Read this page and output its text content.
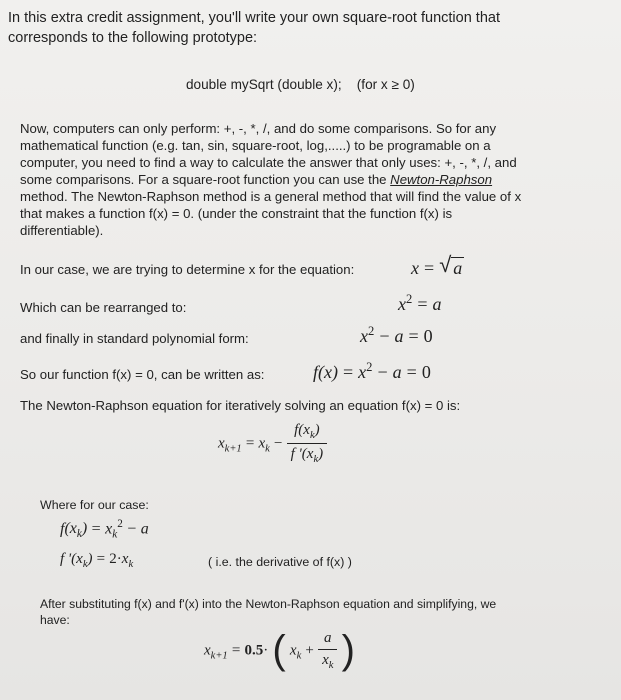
In this extra credit assignment, you'll write your own square-root function that
corresponds to the following prototype:
double mySqrt (double x); (for x ≥ 0)
Now, computers can only perform: +, -, *, /, and do some comparisons. So for any
mathematical function (e.g. tan, sin, square-root, log,.....) to be programable on a
computer, you need to find a way to calculate the answer that only uses: +, -, *, /, and
some comparisons. For a square-root function you can use the Newton-Raphson
method. The Newton-Raphson method is a general method that will find the value of x
that makes a function f(x) = 0. (under the constraint that the function f(x) is
differentiable).
In our case, we are trying to determine x for the equation:	x = √ a
Which can be rearranged to:	$x^2 = a$
and finally in standard polynomial form:	$x^2 - a = 0$
So our function f(x) = 0, can be written as:	$f(x) = x^2 - a = 0$
The Newton-Raphson equation for iteratively solving an equation f(x) = 0 is:
$x_{k+1} = x_k - \frac{f(x_k)}{f '(x_k)}$
Where for our case:
$f(x_k) = x_k^2 - a$
f '$(x_k) = 2\cdot x_k$	( i.e. the derivative of f(x) )
After substituting f(x) and f'(x) into the Newton-Raphson equation and simplifying, we
have:
$x_{k+1} = 0.5\cdot$ ( $x_k + \frac{a}{x_k}$ )
